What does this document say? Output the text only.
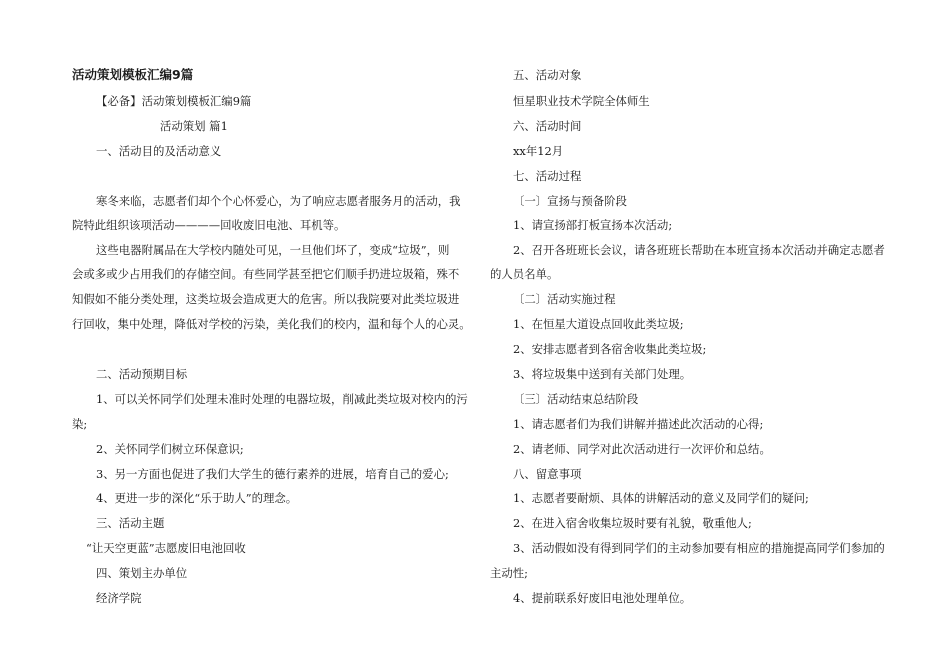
活动策划模板汇编9篇
【必备】活动策划模板汇编9篇
活动策划 篇1
一、活动目的及活动意义
寒冬来临，志愿者们却个个心怀爱心，为了响应志愿者服务月的活动，我
院特此组织该项活动————回收废旧电池、耳机等。
这些电器附属品在大学校内随处可见，一旦他们坏了，变成“垃圾”，则
会或多或少占用我们的存储空间。有些同学甚至把它们顺手扔进垃圾箱，殊不
知假如不能分类处理，这类垃圾会造成更大的危害。所以我院要对此类垃圾进
行回收，集中处理，降低对学校的污染，美化我们的校内，温和每个人的心灵。
二、活动预期目标
1、可以关怀同学们处理未准时处理的电器垃圾，削减此类垃圾对校内的污
染;
2、关怀同学们树立环保意识;
3、另一方面也促进了我们大学生的德行素养的进展，培育自己的爱心;
4、更进一步的深化“乐于助人”的理念。
三、活动主题
“让天空更蓝”志愿废旧电池回收
四、策划主办单位
经济学院
五、活动对象
恒星职业技术学院全体师生
六、活动时间
xx年12月
七、活动过程
〔一〕宣扬与预备阶段
1、请宣扬部打板宣扬本次活动;
2、召开各班班长会议，请各班班长帮助在本班宣扬本次活动并确定志愿者
的人员名单。
〔二〕活动实施过程
1、在恒星大道设点回收此类垃圾;
2、安排志愿者到各宿舍收集此类垃圾;
3、将垃圾集中送到有关部门处理。
〔三〕活动结束总结阶段
1、请志愿者们为我们讲解并描述此次活动的心得;
2、请老师、同学对此次活动进行一次评价和总结。
八、留意事项
1、志愿者要耐烦、具体的讲解活动的意义及同学们的疑问;
2、在进入宿舍收集垃圾时要有礼貌，敬重他人;
3、活动假如没有得到同学们的主动参加要有相应的措施提高同学们参加的
主动性;
4、提前联系好废旧电池处理单位。
